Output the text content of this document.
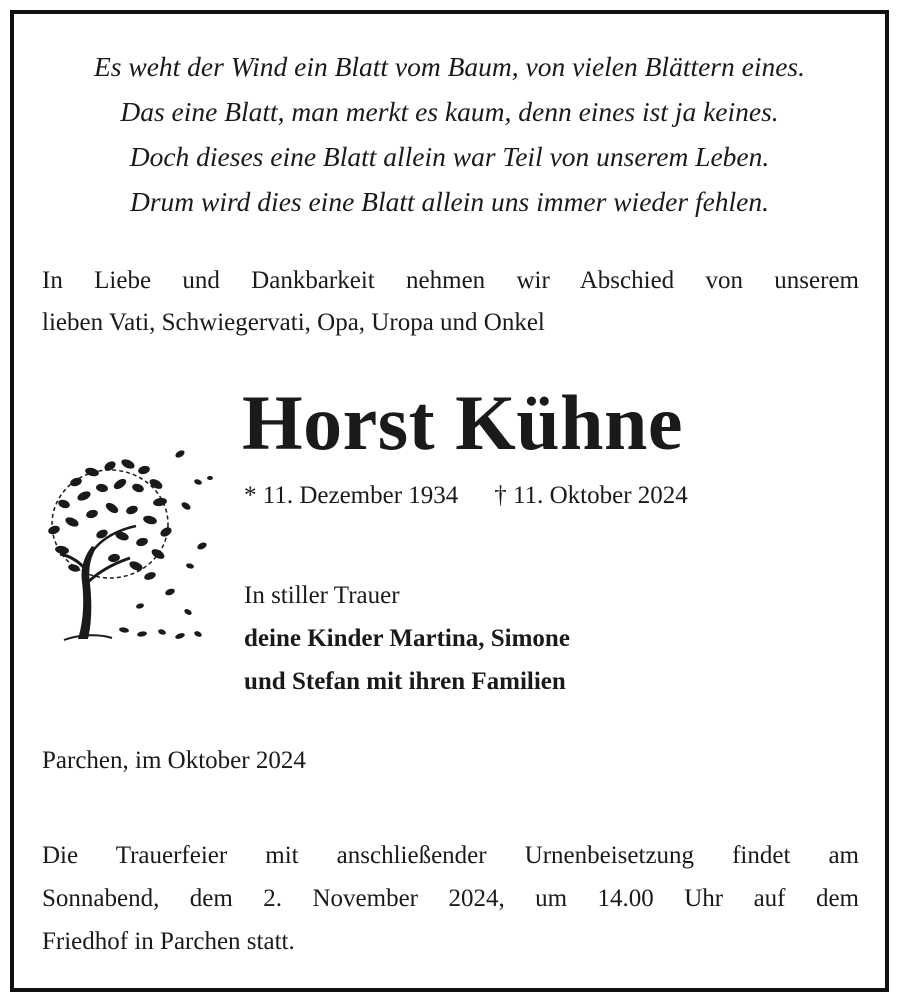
Es weht der Wind ein Blatt vom Baum, von vielen Blättern eines.
Das eine Blatt, man merkt es kaum, denn eines ist ja keines.
Doch dieses eine Blatt allein war Teil von unserem Leben.
Drum wird dies eine Blatt allein uns immer wieder fehlen.
In Liebe und Dankbarkeit nehmen wir Abschied von unserem
lieben Vati, Schwiegervati, Opa, Uropa und Onkel
Horst Kühne
* 11. Dezember 1934 † 11. Oktober 2024
In stiller Trauer
deine Kinder Martina, Simone
und Stefan mit ihren Familien
Parchen, im Oktober 2024
Die Trauerfeier mit anschließender Urnenbeisetzung findet am
Sonnabend, dem 2. November 2024, um 14.00 Uhr auf dem
Friedhof in Parchen statt.
